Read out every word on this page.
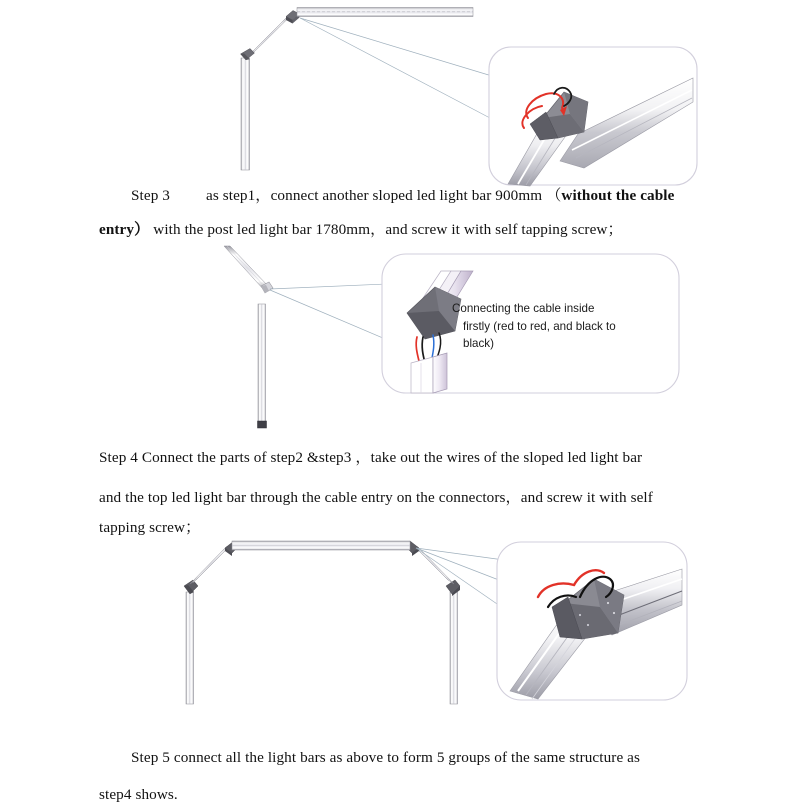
Step 3 as step1，connect another sloped led light bar 900mm （without the cable
entry） with the post led light bar 1780mm，and screw it with self tapping screw；
Connecting the cable inside
firstly (red to red, and black to
black)
Step 4 Connect the parts of step2 &step3 ，take out the wires of the sloped led light bar
and the top led light bar through the cable entry on the connectors，and screw it with self
tapping screw；
Step 5 connect all the light bars as above to form 5 groups of the same structure as
step4 shows.
